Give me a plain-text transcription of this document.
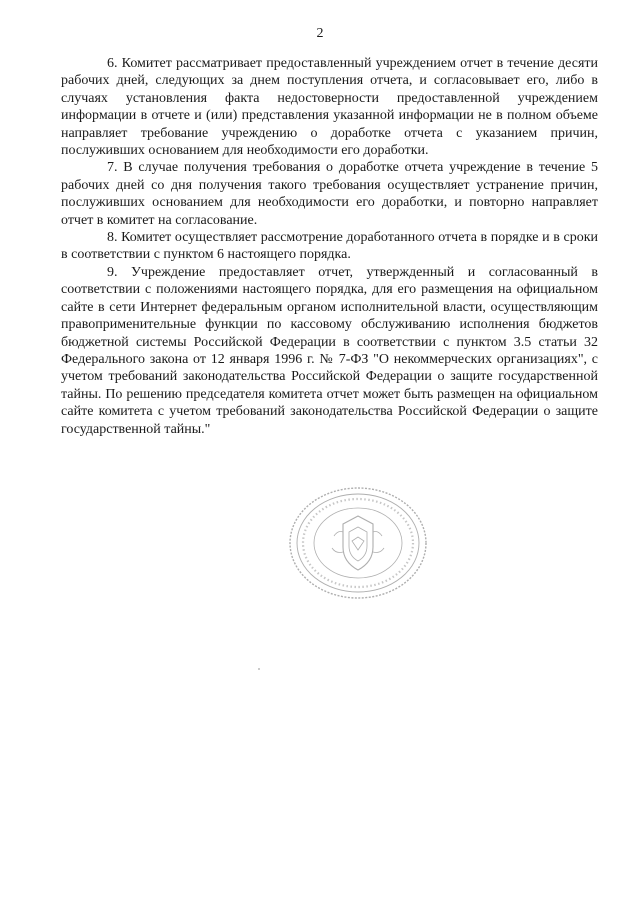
2

6. Комитет рассматривает предоставленный учреждением отчет в течение десяти рабочих дней, следующих за днем поступления отчета, и согласовывает его, либо в случаях установления факта недостоверности предоставленной учреждением информации в отчете и (или) представления указанной информации не в полном объеме направляет требование учреждению о доработке отчета с указанием причин, послуживших основанием для необходимости его доработки.

7. В случае получения требования о доработке отчета учреждение в течение 5 рабочих дней со дня получения такого требования осуществляет устранение причин, послуживших основанием для необходимости его доработки, и повторно направляет отчет в комитет на согласование.

8. Комитет осуществляет рассмотрение доработанного отчета в порядке и в сроки в соответствии с пунктом 6 настоящего порядка.

9. Учреждение предоставляет отчет, утвержденный и согласованный в соответствии с положениями настоящего порядка, для его размещения на официальном сайте в сети Интернет федеральным органом исполнительной власти, осуществляющим правоприменительные функции по кассовому обслуживанию исполнения бюджетов бюджетной системы Российской Федерации в соответствии с пунктом 3.5 статьи 32 Федерального закона от 12 января 1996 г. № 7-ФЗ "О некоммерческих организациях", с учетом требований законодательства Российской Федерации о защите государственной тайны. По решению председателя комитета отчет может быть размещен на официальном сайте комитета с учетом требований законодательства Российской Федерации о защите государственной тайны."
